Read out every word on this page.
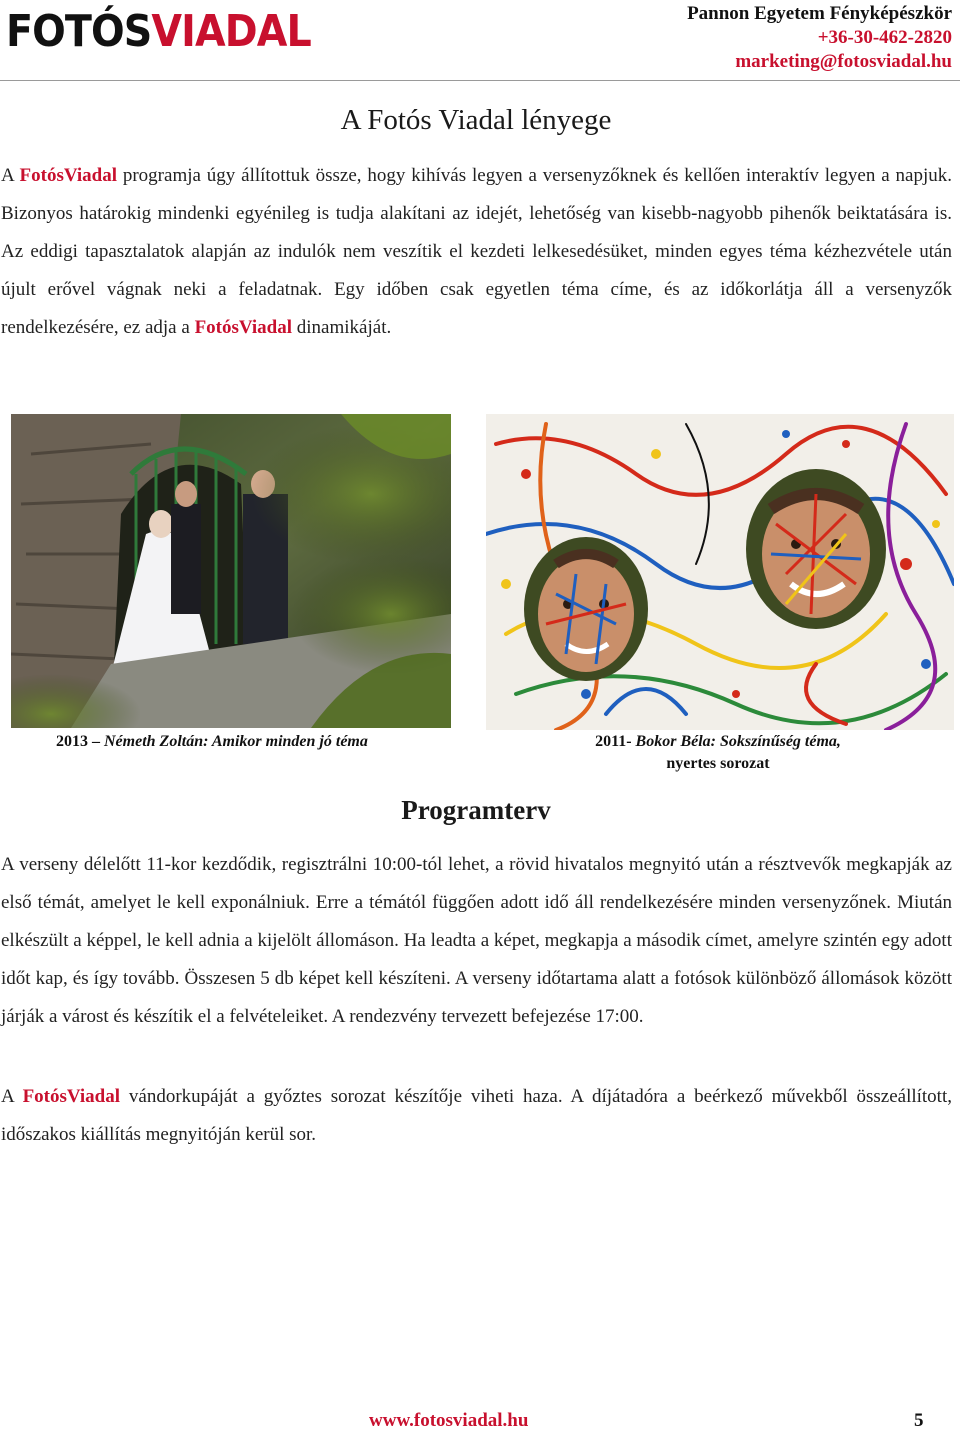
FOTÓSVIADAL	Pannon Egyetem Fényképészkör
+36-30-462-2820
marketing@fotosviadal.hu
A Fotós Viadal lényege

A FotósViadal programja úgy állítottuk össze, hogy kihívás legyen a versenyzőknek és kellően interaktív legyen a napjuk. Bizonyos határokig mindenki egyénileg is tudja alakítani az idejét, lehetőség van kisebb-nagyobb pihenők beiktatására is. Az eddigi tapasztalatok alapján az indulók nem veszítik el kezdeti lelkesedésüket, minden egyes téma kézhezvétele után újult erővel vágnak neki a feladatnak. Egy időben csak egyetlen téma címe, és az időkorlátja áll a versenyzők rendelkezésére, ez adja a FotósViadal dinamikáját.

2013 – Németh Zoltán: Amikor minden jó téma	2011- Bokor Béla: Sokszínűség téma,
nyertes sorozat
Programterv

A verseny délelőtt 11-kor kezdődik, regisztrálni 10:00-tól lehet, a rövid hivatalos megnyitó után a résztvevők megkapják az első témát, amelyet le kell exponálniuk. Erre a témától függően adott idő áll rendelkezésére minden versenyzőnek. Miután elkészült a képpel, le kell adnia a kijelölt állomáson. Ha leadta a képet, megkapja a második címet, amelyre szintén egy adott időt kap, és így tovább. Összesen 5 db képet kell készíteni. A verseny időtartama alatt a fotósok különböző állomások között járják a várost és készítik el a felvételeiket. A rendezvény tervezett befejezése 17:00.

A FotósViadal vándorkupáját a győztes sorozat készítője viheti haza. A díjátadóra a beérkező művekből összeállított, időszakos kiállítás megnyitóján kerül sor.

www.fotosviadal.hu	5
